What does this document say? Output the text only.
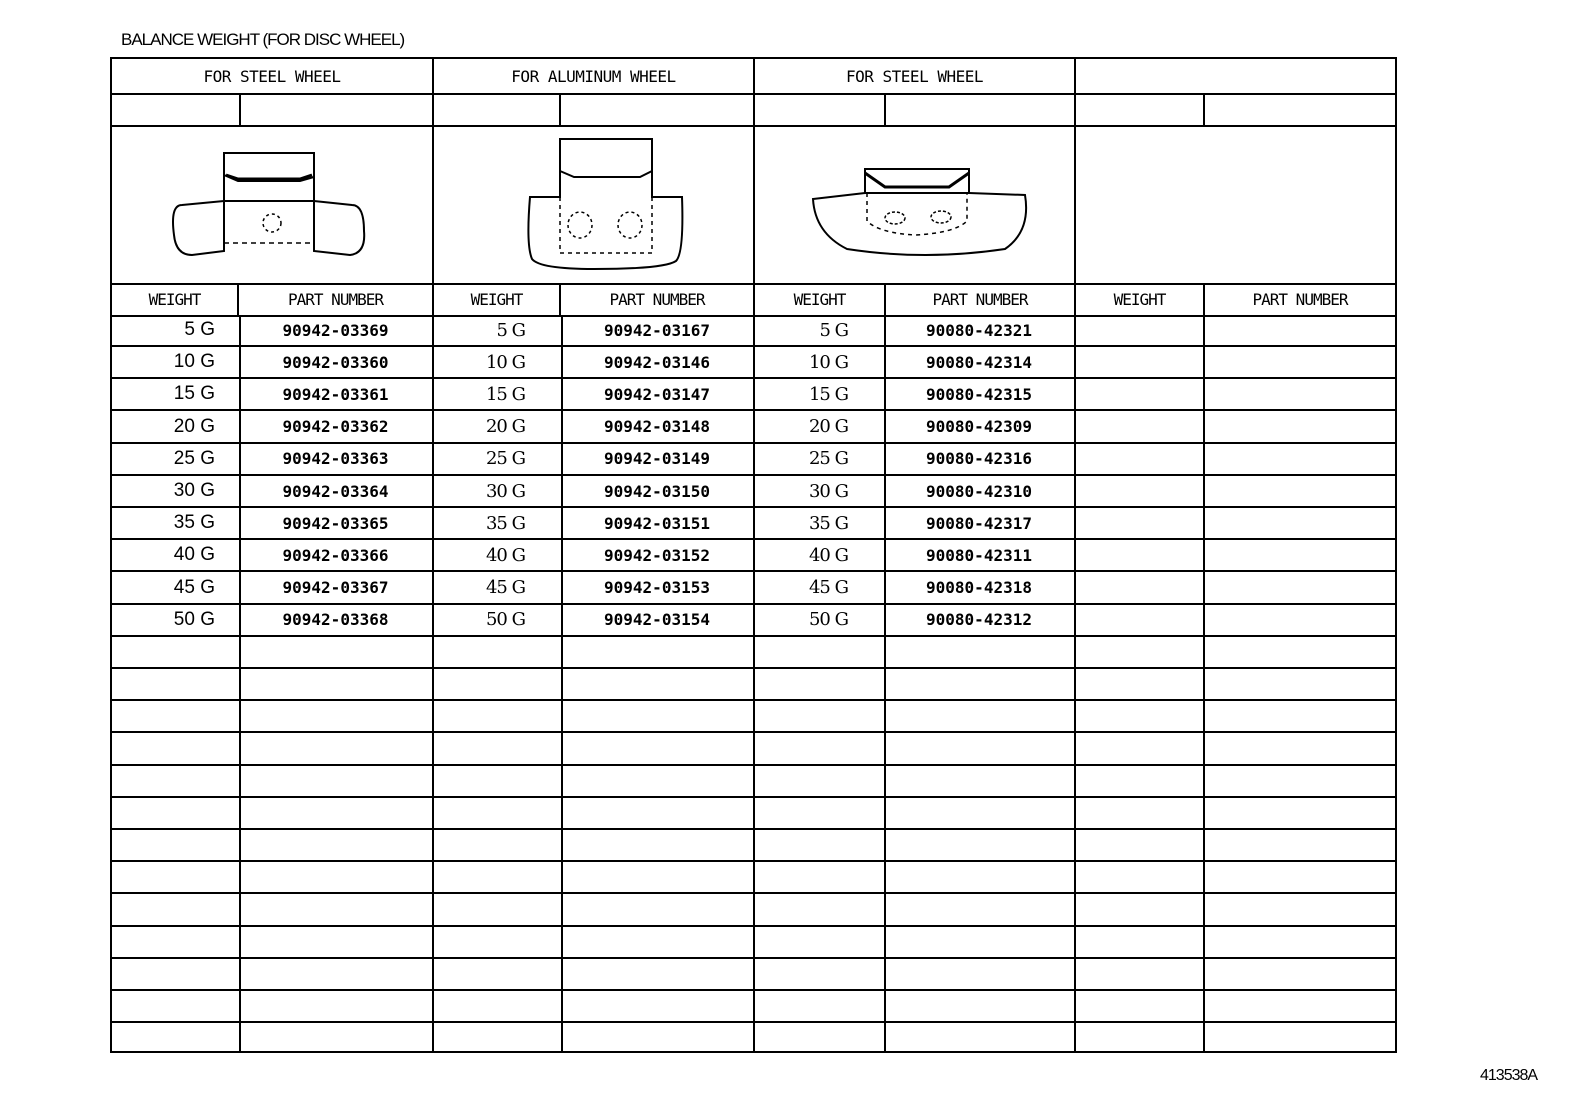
BALANCE WEIGHT (FOR DISC WHEEL)
FOR STEEL WHEEL
WEIGHT	PART NUMBER
5 G	90942-03369
10 G	90942-03360
15 G	90942-03361
20 G	90942-03362
25 G	90942-03363
30 G	90942-03364
35 G	90942-03365
40 G	90942-03366
45 G	90942-03367
50 G	90942-03368
FOR ALUMINUM WHEEL
WEIGHT	PART NUMBER
5 G	90942-03167
10 G	90942-03146
15 G	90942-03147
20 G	90942-03148
25 G	90942-03149
30 G	90942-03150
35 G	90942-03151
40 G	90942-03152
45 G	90942-03153
50 G	90942-03154
FOR STEEL WHEEL
WEIGHT	PART NUMBER
5 G	90080-42321
10 G	90080-42314
15 G	90080-42315
20 G	90080-42309
25 G	90080-42316
30 G	90080-42310
35 G	90080-42317
40 G	90080-42311
45 G	90080-42318
50 G	90080-42312
WEIGHT	PART NUMBER
413538A
